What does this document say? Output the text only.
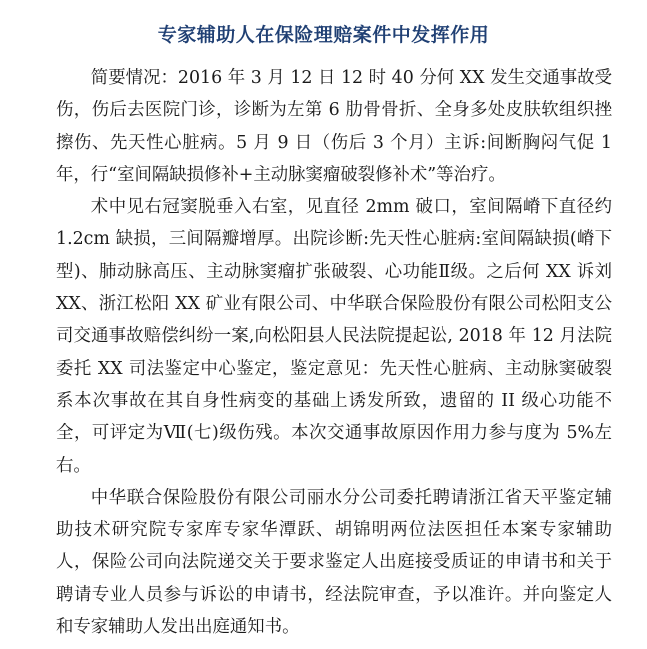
专家辅助人在保险理赔案件中发挥作用

简要情况：2016 年 3 月 12 日 12 时 40 分何 XX 发生交通事故受伤，伤后去医院门诊，诊断为左第 6 肋骨骨折、全身多处皮肤软组织挫擦伤、先天性心脏病。5 月 9 日（伤后 3 个月）主诉:间断胸闷气促 1 年，行“室间隔缺损修补+主动脉窦瘤破裂修补术”等治疗。

术中见右冠窦脱垂入右室，见直径 2mm 破口，室间隔嵴下直径约 1.2cm 缺损，三间隔瓣增厚。出院诊断:先天性心脏病:室间隔缺损(嵴下型)、肺动脉高压、主动脉窦瘤扩张破裂、心功能Ⅱ级。之后何 XX 诉刘 XX、浙江松阳 XX 矿业有限公司、中华联合保险股份有限公司松阳支公司交通事故赔偿纠纷一案,向松阳县人民法院提起讼, 2018 年 12 月法院委托 XX 司法鉴定中心鉴定，鉴定意见：先天性心脏病、主动脉窦破裂系本次事故在其自身性病变的基础上诱发所致，遗留的 II 级心功能不全，可评定为Ⅶ(七)级伤残。本次交通事故原因作用力参与度为 5%左右。

中华联合保险股份有限公司丽水分公司委托聘请浙江省天平鉴定辅助技术研究院专家库专家华潭跃、胡锦明两位法医担任本案专家辅助人，保险公司向法院递交关于要求鉴定人出庭接受质证的申请书和关于聘请专业人员参与诉讼的申请书，经法院审查，予以准许。并向鉴定人和专家辅助人发出出庭通知书。
